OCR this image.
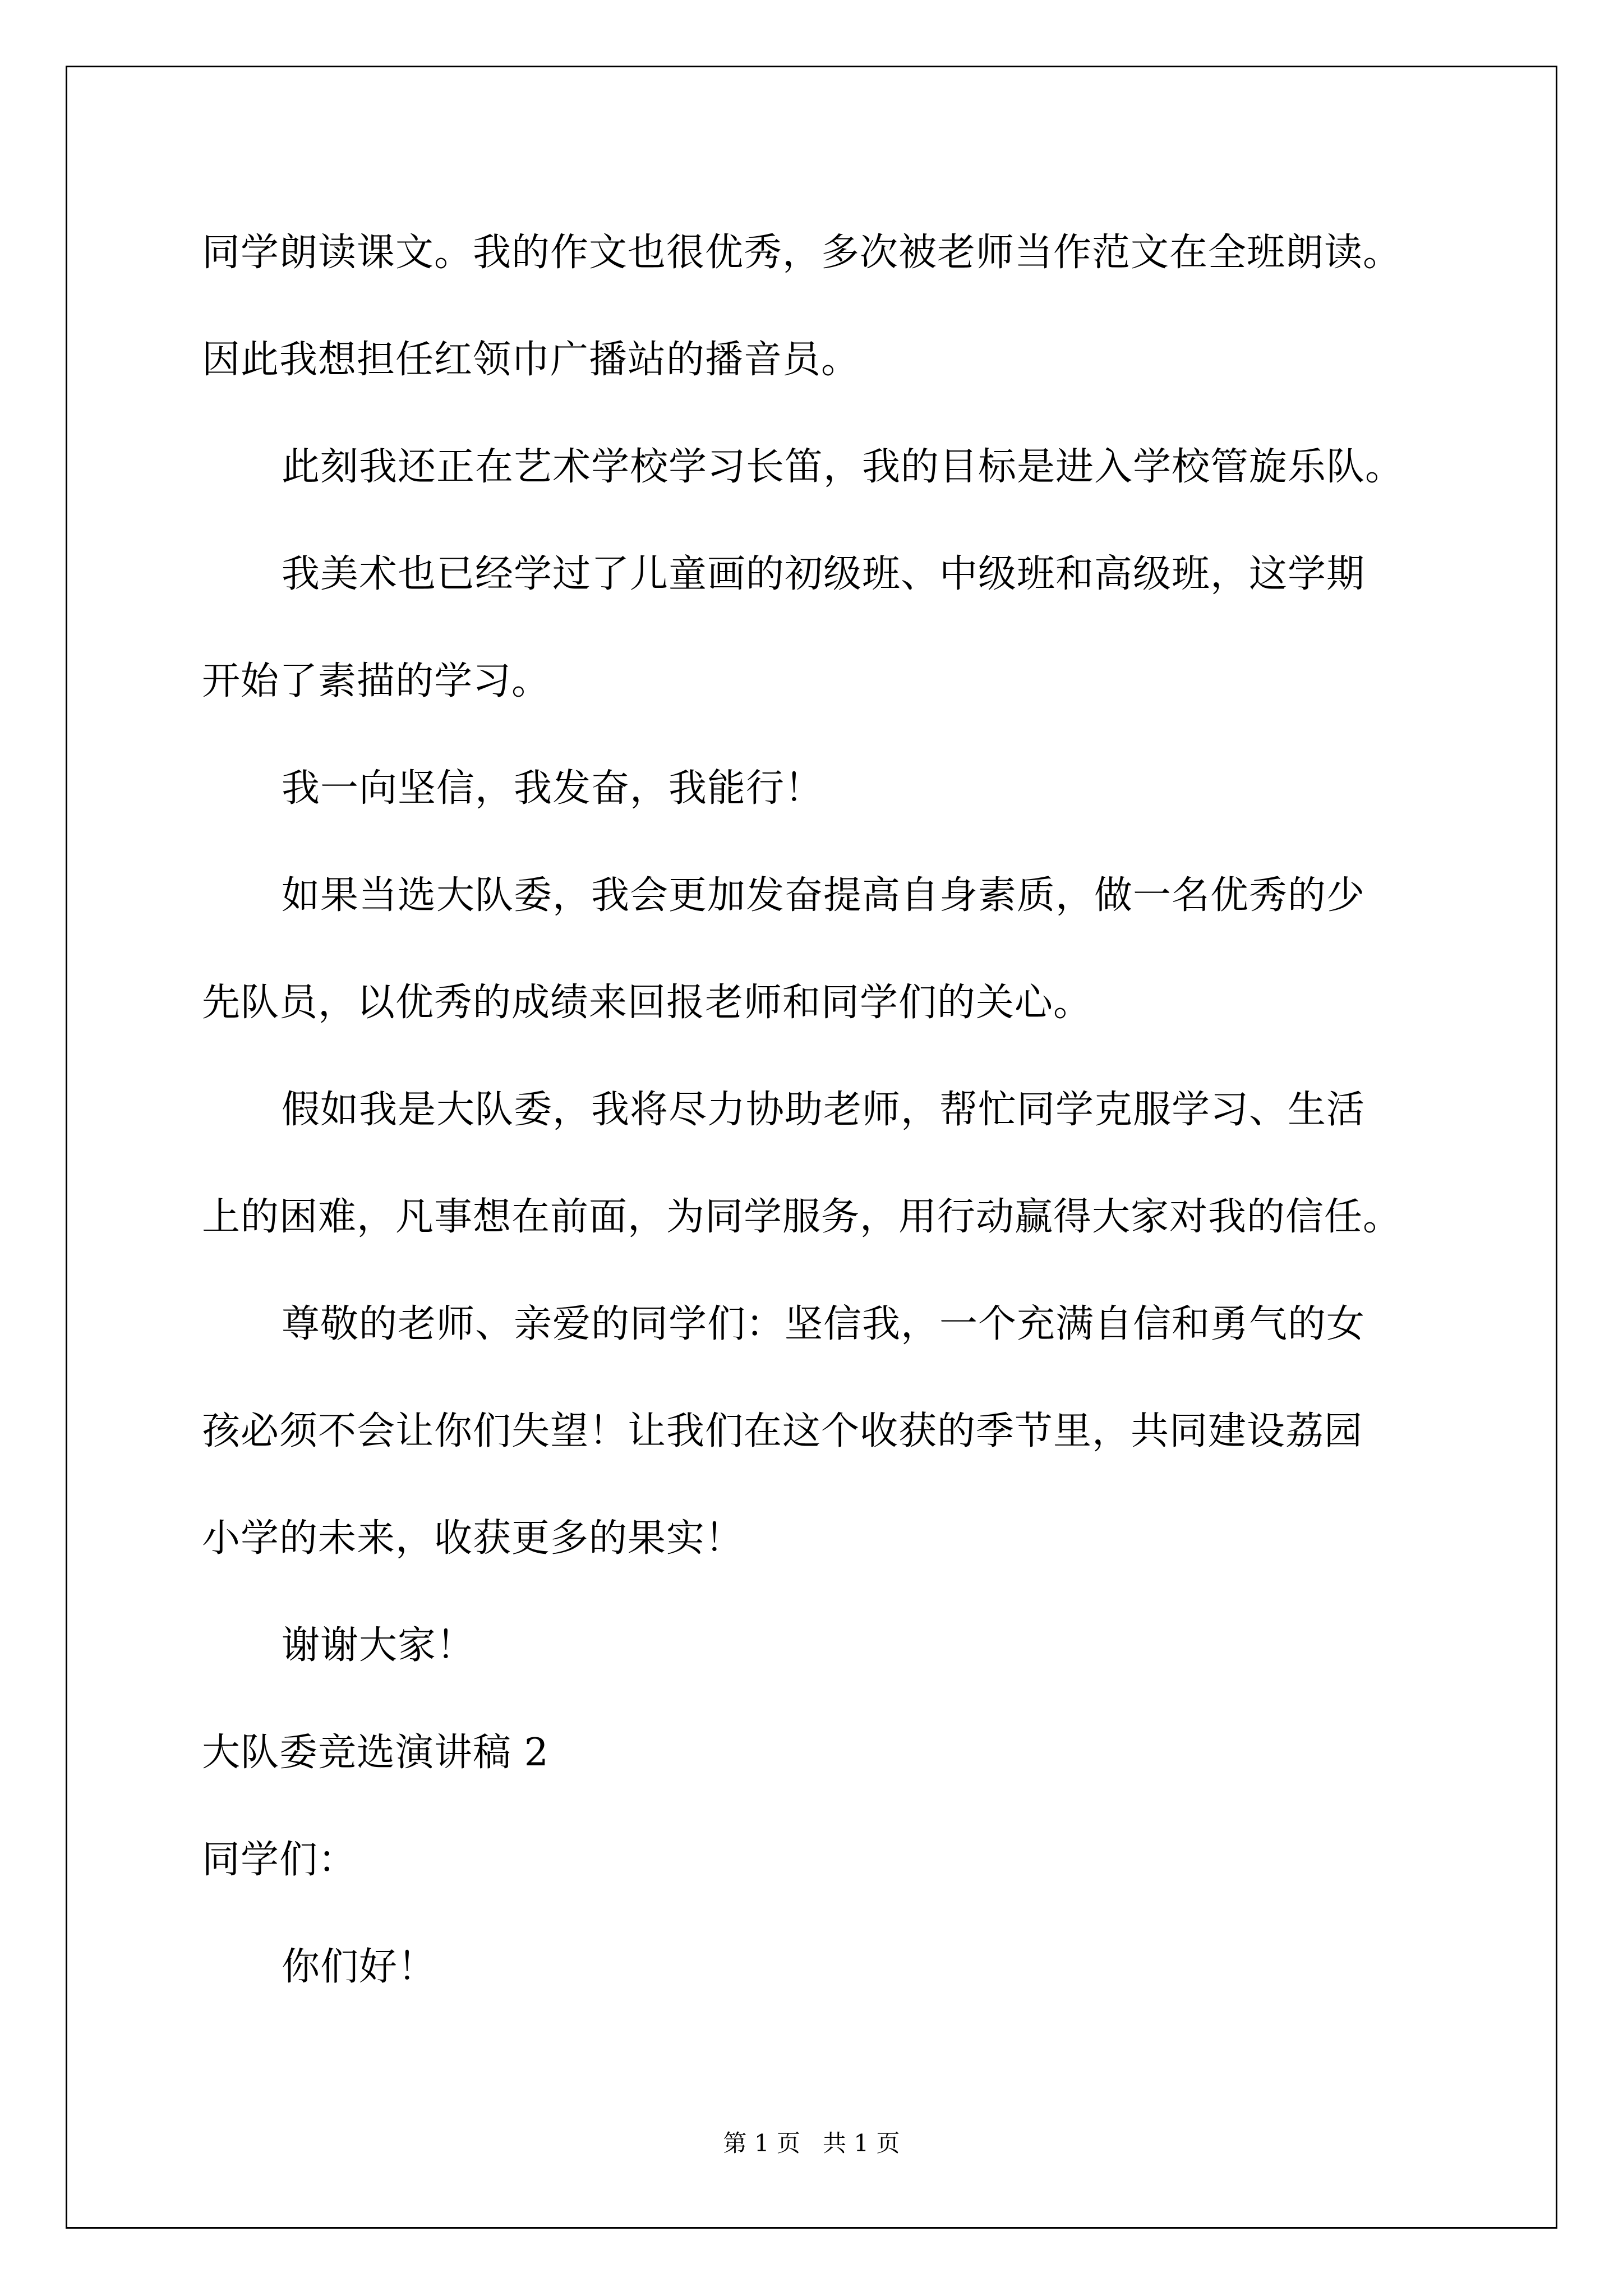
同学朗读课文。我的作文也很优秀，多次被老师当作范文在全班朗读。
因此我想担任红领巾广播站的播音员。
此刻我还正在艺术学校学习长笛，我的目标是进入学校管旋乐队。
我美术也已经学过了儿童画的初级班、中级班和高级班，这学期
开始了素描的学习。
我一向坚信，我发奋，我能行！
如果当选大队委，我会更加发奋提高自身素质，做一名优秀的少
先队员，以优秀的成绩来回报老师和同学们的关心。
假如我是大队委，我将尽力协助老师，帮忙同学克服学习、生活
上的困难，凡事想在前面，为同学服务，用行动赢得大家对我的信任。
尊敬的老师、亲爱的同学们：坚信我，一个充满自信和勇气的女
孩必须不会让你们失望！让我们在这个收获的季节里，共同建设荔园
小学的未来，收获更多的果实！
谢谢大家！
大队委竞选演讲稿 2
同学们：
你们好！
第 1 页   共 1 页
